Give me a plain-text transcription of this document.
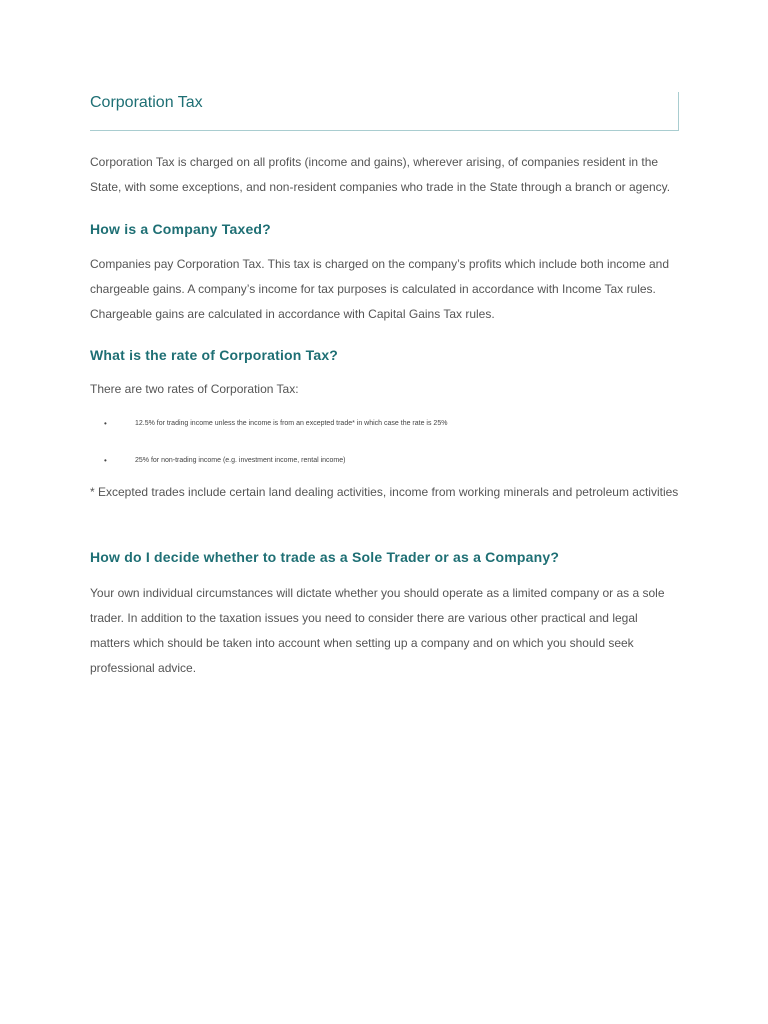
Corporation Tax

Corporation Tax is charged on all profits (income and gains), wherever arising, of companies resident in the State, with some exceptions, and non-resident companies who trade in the State through a branch or agency.

How is a Company Taxed?

Companies pay Corporation Tax. This tax is charged on the company’s profits which include both income and chargeable gains. A company’s income for tax purposes is calculated in accordance with Income Tax rules. Chargeable gains are calculated in accordance with Capital Gains Tax rules.

What is the rate of Corporation Tax?

There are two rates of Corporation Tax:

•	12.5% for trading income unless the income is from an excepted trade* in which case the rate is 25%
•	25% for non-trading income (e.g. investment income, rental income)

* Excepted trades include certain land dealing activities, income from working minerals and petroleum activities

How do I decide whether to trade as a Sole Trader or as a Company?

Your own individual circumstances will dictate whether you should operate as a limited company or as a sole trader. In addition to the taxation issues you need to consider there are various other practical and legal matters which should be taken into account when setting up a company and on which you should seek professional advice.
